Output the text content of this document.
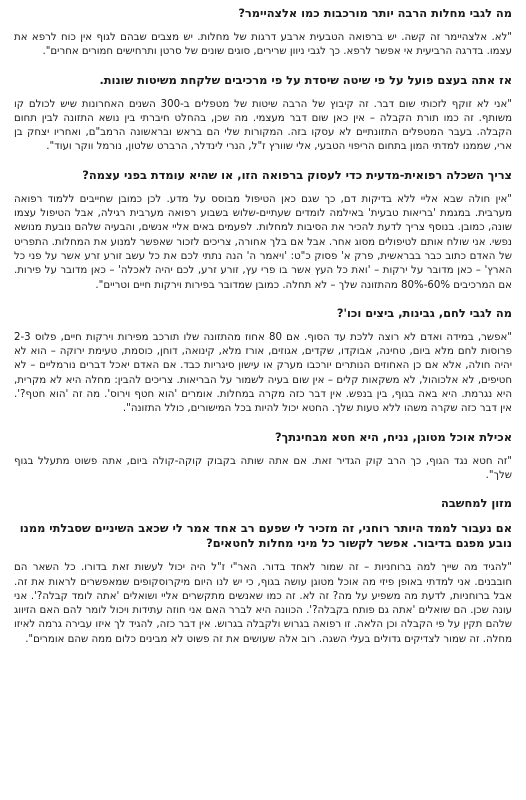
מה לגבי מחלות הרבה יותר מורכבות כמו אלצהיימר?
"לא. אלצהיימר זה קשה. יש ברפואה הטבעית ארבע דרגות של מחלות. יש מצבים שבהם לגוף אין כוח לרפא את עצמו. בדרגה הרביעית אי אפשר לרפא. כך לגבי ניוון שרירים, סוגים שונים של סרטן ותרחישים חמורים אחרים".
אז אתה בעצם פועל על פי שיטה שיסדת על פי מרכיבים שלקחת משיטות שונות.
"אני לא זוקף לזכותי שום דבר. זה קיבוץ של הרבה שיטות של מטפלים ב-300 השנים האחרונות שיש לכולם קו משותף. זה כמו תורת הקבלה – אין כאן שום דבר מעצמי. מה שכן, בהחלט חיברתי בין נושא התזונה לבין תחום הקבלה. בעבר המטפלים התזונתיים לא עסקו בזה. המקורות שלי הם בראש ובראשונה הרמב"ם, ואחריו יצחק בן ארי, שממנו למדתי המון בתחום הריפוי הטבעי, אלי שוורץ ז"ל, הנרי לינדלר, הרברט שלטון, נורמל ווקר ועוד".
צריך השכלה רפואית-מדעית כדי לעסוק ברפואה הזו, או שהיא עומדת בפני עצמה?
"אין חולה שבא אליי ללא בדיקות דם, כך שגם כאן הטיפול מבוסס על מדע. לכן כמובן שחייבים ללמוד רפואה מערבית. במגמת 'בריאות טבעית' באילמה לומדים שעתיים-שלוש בשבוע רפואה מערבית רגילה, אבל הטיפול עצמו שונה, כמובן. בנוסף צריך לדעת להכיר את הסיבות למחלות. לפעמים באים אליי אנשים, והבעיה שלהם נובעת מנושא נפשי. אני שולח אותם לטיפולים מסוג אחר. אבל אם בלך אחורה, צריכים לזכור שאפשר למנוע את המחלות. התפריט של האדם כתוב כבר בבראשית, פרק א' פסוק כ"ט: 'ויאמר ה' הנה נתתי לכם את כל עשב זורע זרע אשר על פני כל הארץ' – כאן מדובר על ירקות – 'ואת כל העץ אשר בו פרי עץ, זורע זרע, לכם יהיה לאכלה' – כאן מדובר על פירות. אם המרכיבים 60%-80% מהתזונה שלך – לא תחלה. כמובן שמדובר בפירות וירקות חיים וטריים".
מה לגבי לחם, גבינות, ביצים וכו'?
"אפשר, במידה ואדם לא רוצה ללכת עד הסוף. אם 80 אחוז מהתזונה שלו תורכב מפירות וירקות חיים, פלוס 2-3 פרוסות לחם מלא ביום, טחינה, אבוקדו, שקדים, אגוזים, אורז מלא, קינואה, דוחן, כוסמת, טעימת ירוקה – הוא לא יהיה חולה, אלא אם כן האחוזים הנותרים יורכבו מערק או עישון סיגריות כבד. אם האדם יאכל דברים נורמליים – לא חטיפים, לא אלכוהול, לא משקאות קלים – אין שום בעיה לשמור על הבריאות. צריכים להבין: מחלה היא לא מקרית, היא נגרמת. היא באה בגוף, בין בנפש. אין דבר כזה מקרה במחלות. אומרים 'הוא חטף וירוס'. מה זה 'הוא חטף?'. אין דבר כזה שקרה משהו ללא טעות שלך. החטא יכול להיות בכל המישורים, כולל התזונה".
אכילת אוכל מטוגן, נניח, היא חטא מבחינתך?
"זה חטא נגד הגוף, כך הרב קוק הגדיר זאת. אם אתה שותה בקבוק קוקה-קולה ביום, אתה פשוט מתעלל בגוף שלך".
מזון למחשבה
אם נעבור לממד היותר רוחני, זה מזכיר לי שפעם רב אחד אמר לי שכאב השיניים שסבלתי ממנו נובע מפגם בדיבור. אפשר לקשור כל מיני מחלות לחטאים?
"להגיד מה שייך למה ברוחניות – זה שמור לאחד בדור. האר"י ז"ל היה יכול לעשות זאת בדורו. כל השאר הם חובבנים. אני למדתי באופן פיזי מה אוכל מטוגן עושה בגוף, כי יש לנו היום מיקרוסקופים שמאפשרים לראות את זה. אבל ברוחניות, לדעת מה משפיע על מה? זה לא. זה כמו שאנשים מתקשרים אליי ושואלים 'אתה לומד קבלה?'. אני עונה שכן. הם שואלים 'אתה גם פותח בקבלה?'. הכוונה היא לברר האם אני חוזה עתידות ויכול לומר להם האם הזיווג שלהם תקין על פי הקבלה וכן הלאה. זו רפואה בגרוש ולקבלה בגרוש. אין דבר כזה, להגיד לך איזו עבירה גרמה לאיזו מחלה. זה שמור לצדיקים גדולים בעלי השגה. רוב אלה שעושים את זה פשוט לא מבינים כלום ממה שהם אומרים".
